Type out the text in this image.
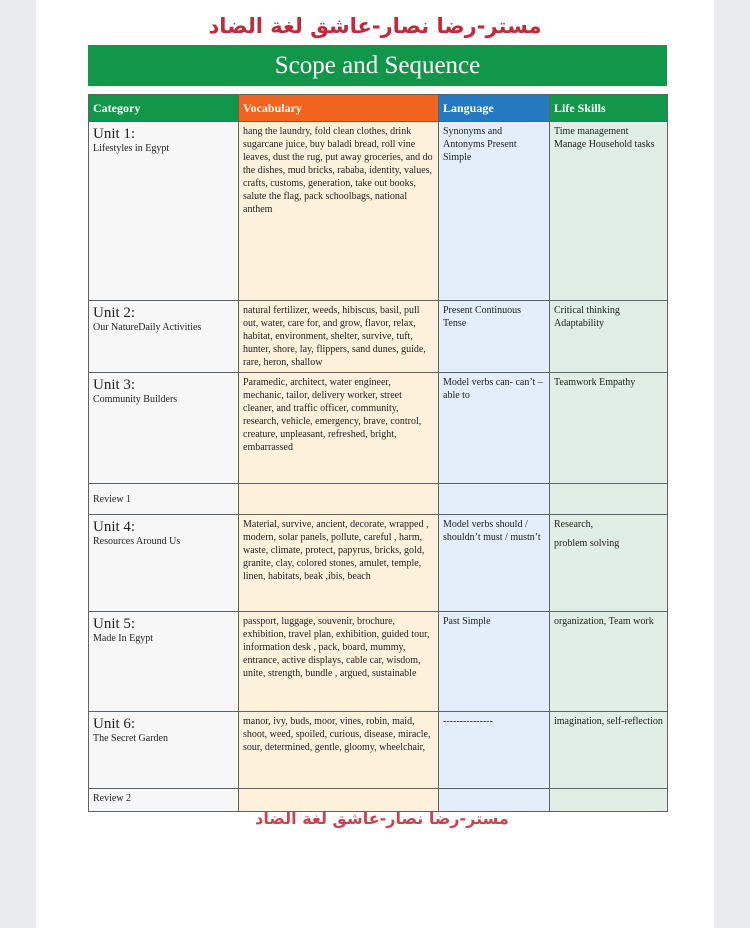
مستر-رضا نصار-عاشق لغة الضاد
Scope and Sequence
Category	Vocabulary	Language	Life Skills

Unit 1:
Lifestyles in Egypt	hang the laundry, fold clean clothes, drink sugarcane juice, buy baladi bread, roll vine leaves, dust the rug, put away groceries, and do the dishes, mud bricks, rababa, identity, values, crafts, customs, generation, take out books, salute the flag, pack schoolbags, national anthem	Synonyms and Antonyms Present Simple	Time management Manage Household tasks

Unit 2:
Our NatureDaily Activities	natural fertilizer, weeds, hibiscus, basil, pull out, water, care for, and grow, flavor, relax, habitat, environment, shelter, survive, tuft, hunter, shore, lay, flippers, sand dunes, guide, rare, heron, shallow	Present Continuous Tense	Critical thinking Adaptability

Unit 3:
Community Builders	Paramedic, architect, water engineer, mechanic, tailor, delivery worker, street cleaner, and traffic officer, community, research, vehicle, emergency, brave, control, creature, unpleasant, refreshed, bright, embarrassed	Model verbs can- can’t – able to	Teamwork Empathy
Review 1			

Unit 4:
Resources Around Us	Material, survive, ancient, decorate, wrapped , modern, solar panels, pollute, careful , harm, waste, climate, protect, papyrus, bricks, gold, granite, clay, colored stones, amulet, temple, linen, habitats, beak ,ibis, beach	Model verbs should / shouldn’t must / mustn’t	Research,
problem solving

Unit 5:
Made In Egypt	passport, luggage, souvenir, brochure, exhibition, travel plan, exhibition, guided tour, information desk , pack, board, mummy, entrance, active displays, cable car, wisdom, unite, strength, bundle , argued, sustainable	Past Simple	organization, Team work

Unit 6:
The Secret Garden	manor, ivy, buds, moor, vines, robin, maid, shoot, weed, spoiled, curious, disease, miracle, sour, determined, gentle, gloomy, wheelchair,	---------------	imagination, self-reflection
Review 2			
مستر-رضا نصار-عاشق لغة الضاد
